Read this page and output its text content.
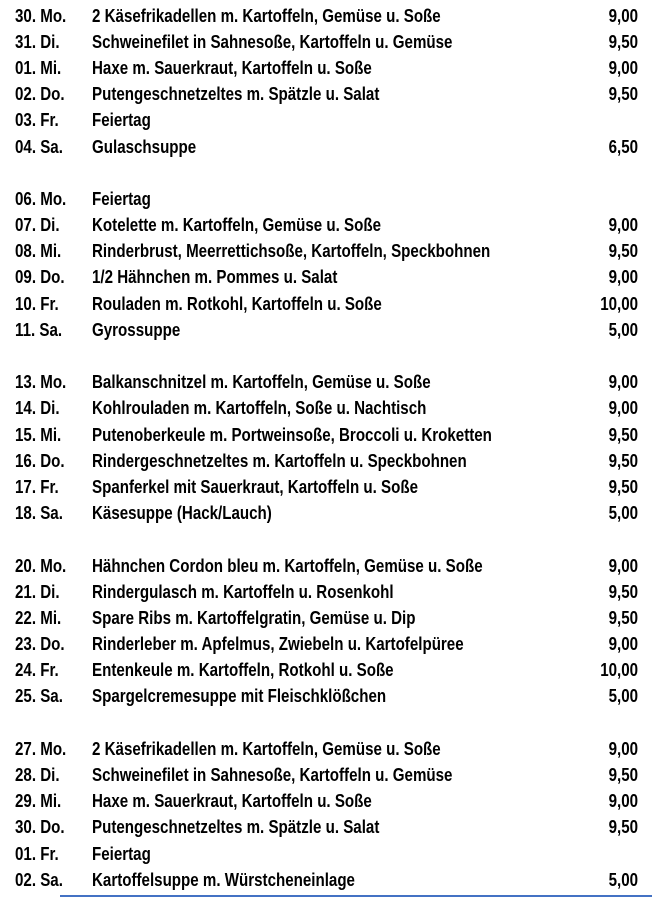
30. Mo.	2 Käsefrikadellen m. Kartoffeln, Gemüse u. Soße	9,00
31. Di.	Schweinefilet in Sahnesoße, Kartoffeln u. Gemüse	9,50
01. Mi.	Haxe m. Sauerkraut, Kartoffeln u. Soße	9,00
02. Do.	Putengeschnetzeltes m. Spätzle u. Salat	9,50
03. Fr.	Feiertag
04. Sa.	Gulaschsuppe	6,50
06. Mo.	Feiertag
07. Di.	Kotelette m. Kartoffeln, Gemüse u. Soße	9,00
08. Mi.	Rinderbrust, Meerrettichsoße, Kartoffeln, Speckbohnen	9,50
09. Do.	1/2 Hähnchen m. Pommes u. Salat	9,00
10. Fr.	Rouladen m. Rotkohl, Kartoffeln u. Soße	10,00
11. Sa.	Gyrossuppe	5,00
13. Mo.	Balkanschnitzel m. Kartoffeln, Gemüse u. Soße	9,00
14. Di.	Kohlrouladen m. Kartoffeln, Soße u. Nachtisch	9,00
15. Mi.	Putenoberkeule m. Portweinsoße, Broccoli u. Kroketten	9,50
16. Do.	Rindergeschnetzeltes m. Kartoffeln u. Speckbohnen	9,50
17. Fr.	Spanferkel mit Sauerkraut, Kartoffeln u. Soße	9,50
18. Sa.	Käsesuppe (Hack/Lauch)	5,00
20. Mo.	Hähnchen Cordon bleu m. Kartoffeln, Gemüse u. Soße	9,00
21. Di.	Rindergulasch m. Kartoffeln u. Rosenkohl	9,50
22. Mi.	Spare Ribs m. Kartoffelgratin, Gemüse u. Dip	9,50
23. Do.	Rinderleber m. Apfelmus, Zwiebeln u. Kartofelpüree	9,00
24. Fr.	Entenkeule m. Kartoffeln, Rotkohl u. Soße	10,00
25. Sa.	Spargelcremesuppe mit Fleischklößchen	5,00
27. Mo.	2 Käsefrikadellen m. Kartoffeln, Gemüse u. Soße	9,00
28. Di.	Schweinefilet in Sahnesoße, Kartoffeln u. Gemüse	9,50
29. Mi.	Haxe m. Sauerkraut, Kartoffeln u. Soße	9,00
30. Do.	Putengeschnetzeltes m. Spätzle u. Salat	9,50
01. Fr.	Feiertag
02. Sa.	Kartoffelsuppe m. Würstcheneinlage	5,00
